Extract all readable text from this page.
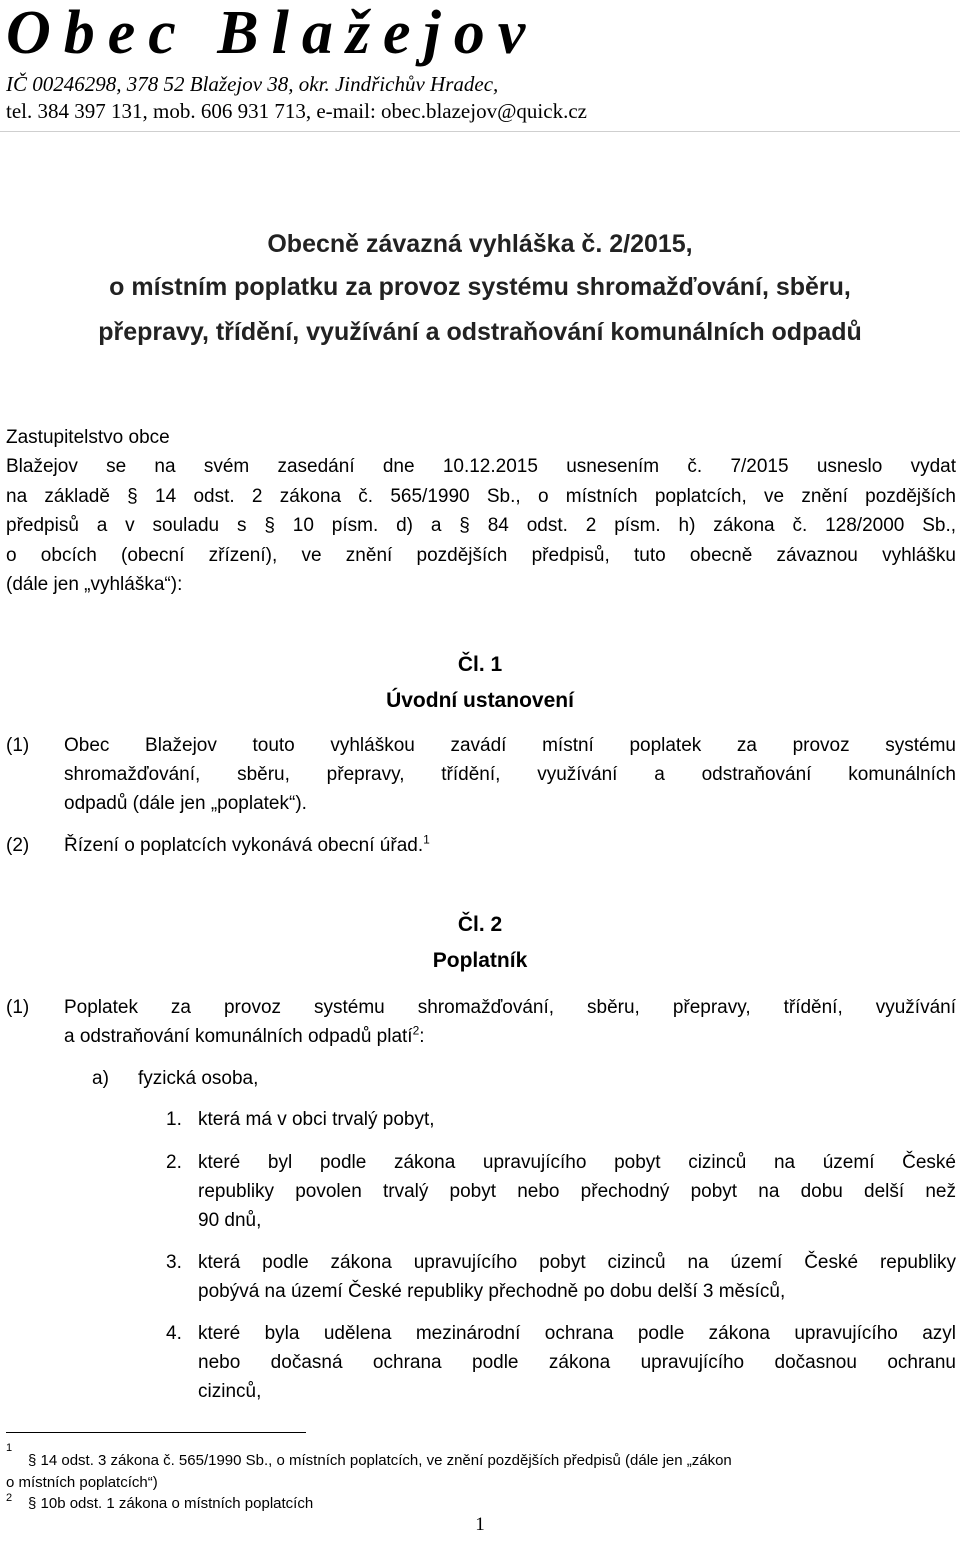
Obec Blažejov
IČ 00246298, 378 52 Blažejov 38, okr. Jindřichův Hradec,
tel. 384 397 131, mob. 606 931 713, e-mail: obec.blazejov@quick.cz
Obecně závazná vyhláška č. 2/2015,
o místním poplatku za provoz systému shromažďování, sběru,
přepravy, třídění, využívání a odstraňování komunálních odpadů
Zastupitelstvo obce
Blažejov se na svém zasedání dne 10.12.2015 usnesením č. 7/2015 usneslo vydat
na základě § 14 odst. 2 zákona č. 565/1990 Sb., o místních poplatcích, ve znění pozdějších
předpisů a v souladu s § 10 písm. d) a § 84 odst. 2 písm. h) zákona č. 128/2000 Sb.,
o obcích (obecní zřízení), ve znění pozdějších předpisů, tuto obecně závaznou vyhlášku
(dále jen „vyhláška“):
Čl. 1
Úvodní ustanovení
(1) Obec Blažejov touto vyhláškou zavádí místní poplatek za provoz systému
shromažďování, sběru, přepravy, třídění, využívání a odstraňování komunálních
odpadů (dále jen „poplatek“).
(2) Řízení o poplatcích vykonává obecní úřad.$^1$
Čl. 2
Poplatník
(1) Poplatek za provoz systému shromažďování, sběru, přepravy, třídění, využívání
a odstraňování komunálních odpadů platí$^2$:
a) fyzická osoba,
1. která má v obci trvalý pobyt,
2. které byl podle zákona upravujícího pobyt cizinců na území České
republiky povolen trvalý pobyt nebo přechodný pobyt na dobu delší než
90 dnů,
3. která podle zákona upravujícího pobyt cizinců na území České republiky
pobývá na území České republiky přechodně po dobu delší 3 měsíců,
4. které byla udělena mezinárodní ochrana podle zákona upravujícího azyl
nebo dočasná ochrana podle zákona upravujícího dočasnou ochranu
cizinců,
1
§ 14 odst. 3 zákona č. 565/1990 Sb., o místních poplatcích, ve znění pozdějších předpisů (dále jen „zákon
o místních poplatcích“)
2 § 10b odst. 1 zákona o místních poplatcích
1
